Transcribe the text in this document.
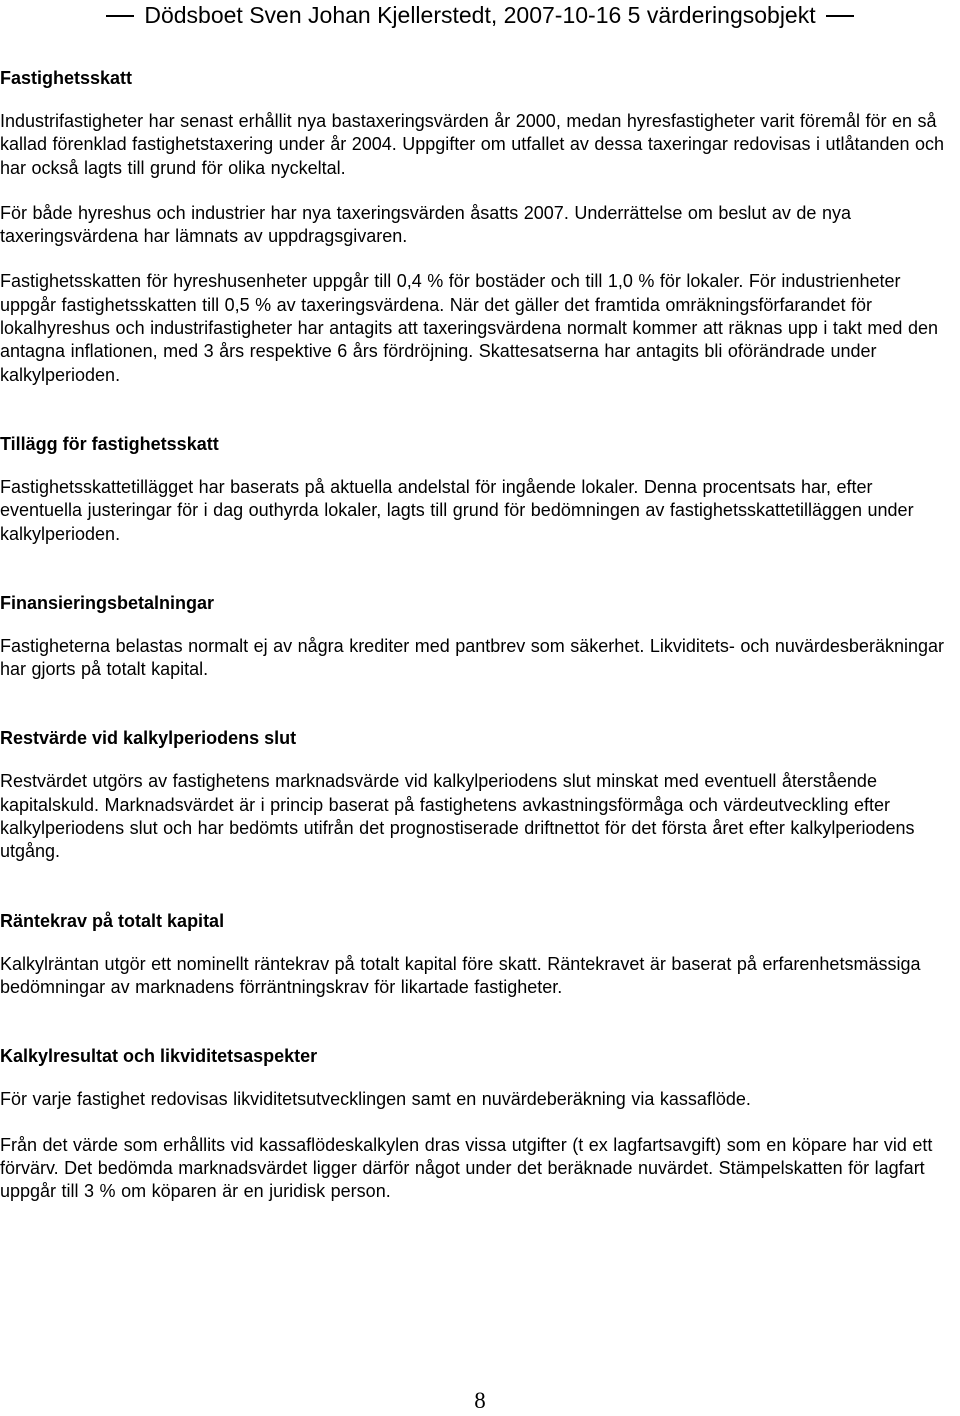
Dödsboet Sven Johan Kjellerstedt, 2007-10-16 5 värderingsobjekt
Fastighetsskatt

Industrifastigheter har senast erhållit nya bastaxeringsvärden år 2000, medan hyresfastigheter varit föremål för en så kallad förenklad fastighetstaxering under år 2004. Uppgifter om utfallet av dessa taxeringar redovisas i utlåtanden och har också lagts till grund för olika nyckeltal.

För både hyreshus och industrier har nya taxeringsvärden åsatts 2007. Underrättelse om beslut av de nya taxeringsvärdena har lämnats av uppdragsgivaren.

Fastighetsskatten för hyreshusenheter uppgår till 0,4 % för bostäder och till 1,0 % för lokaler. För industrienheter uppgår fastighetsskatten till 0,5 % av taxeringsvärdena. När det gäller det framtida omräkningsförfarandet för lokalhyreshus och industrifastigheter har antagits att taxeringsvärdena normalt kommer att räknas upp i takt med den antagna inflationen, med 3 års respektive 6 års fördröjning. Skattesatserna har antagits bli oförändrade under kalkylperioden.

Tillägg för fastighetsskatt

Fastighetsskattetillägget har baserats på aktuella andelstal för ingående lokaler. Denna procentsats har, efter eventuella justeringar för i dag outhyrda lokaler, lagts till grund för bedömningen av fastighetsskattetilläggen under kalkylperioden.

Finansieringsbetalningar

Fastigheterna belastas normalt ej av några krediter med pantbrev som säkerhet. Likviditets- och nuvärdesberäkningar har gjorts på totalt kapital.

Restvärde vid kalkylperiodens slut

Restvärdet utgörs av fastighetens marknadsvärde vid kalkylperiodens slut minskat med eventuell återstående kapitalskuld. Marknadsvärdet är i princip baserat på fastighetens avkastningsförmåga och värdeutveckling efter kalkylperiodens slut och har bedömts utifrån det prognostiserade driftnettot för det första året efter kalkylperiodens utgång.

Räntekrav på totalt kapital

Kalkylräntan utgör ett nominellt räntekrav på totalt kapital före skatt. Räntekravet är baserat på erfarenhetsmässiga bedömningar av marknadens förräntningskrav för likartade fastigheter.

Kalkylresultat och likviditetsaspekter

För varje fastighet redovisas likviditetsutvecklingen samt en nuvärdeberäkning via kassaflöde.

Från det värde som erhållits vid kassaflödeskalkylen dras vissa utgifter (t ex lagfartsavgift) som en köpare har vid ett förvärv. Det bedömda marknadsvärdet ligger därför något under det beräknade nuvärdet. Stämpelskatten för lagfart uppgår till 3 % om köparen är en juridisk person.

8
